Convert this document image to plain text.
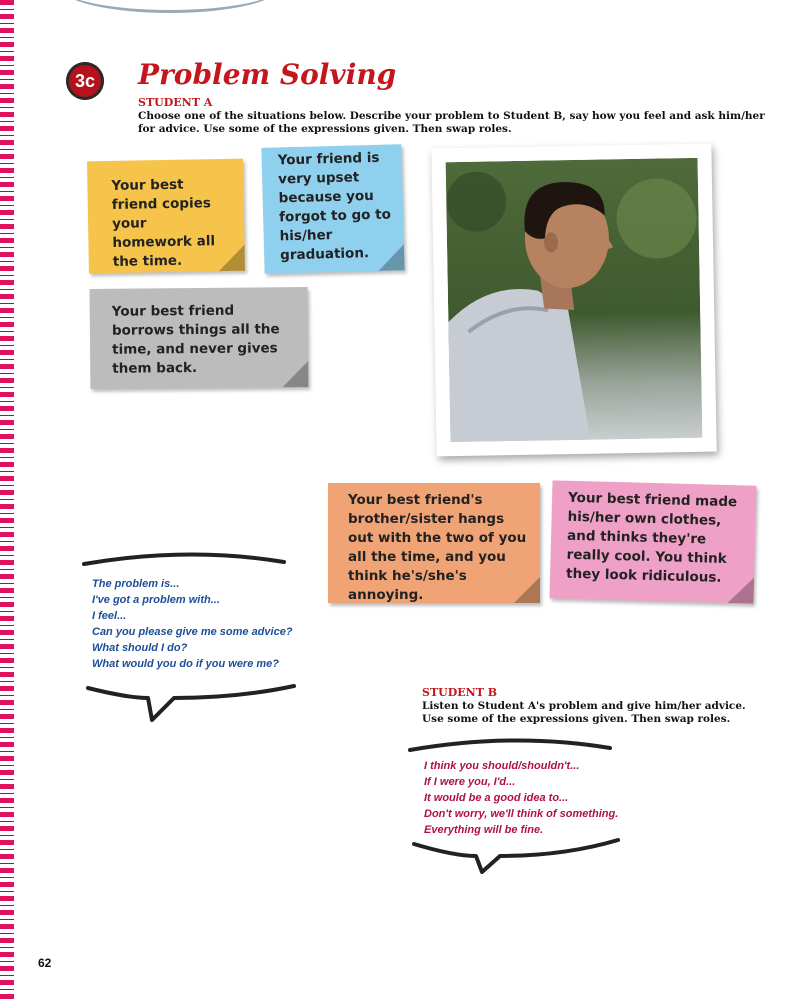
3c	Problem Solving
STUDENT A

Choose one of the situations below. Describe your problem to Student B, say how you feel and ask him/her for advice. Use some of the expressions given. Then swap roles.

Your best friend copies your homework all the time.
Your friend is very upset because you forgot to go to his/her graduation.
Your best friend borrows things all the time, and never gives them back.
Your best friend's brother/sister hangs out with the two of you all the time, and you think he's/she's annoying.
Your best friend made his/her own clothes, and thinks they're really cool. You think they look ridiculous.
The problem is...
I've got a problem with...
I feel...
Can you please give me some advice?
What should I do?
What would you do if you were me?
STUDENT B

Listen to Student A's problem and give him/her advice. Use some of the expressions given. Then swap roles.

I think you should/shouldn't...
If I were you, I'd...
It would be a good idea to...
Don't worry, we'll think of something.
Everything will be fine.
62
